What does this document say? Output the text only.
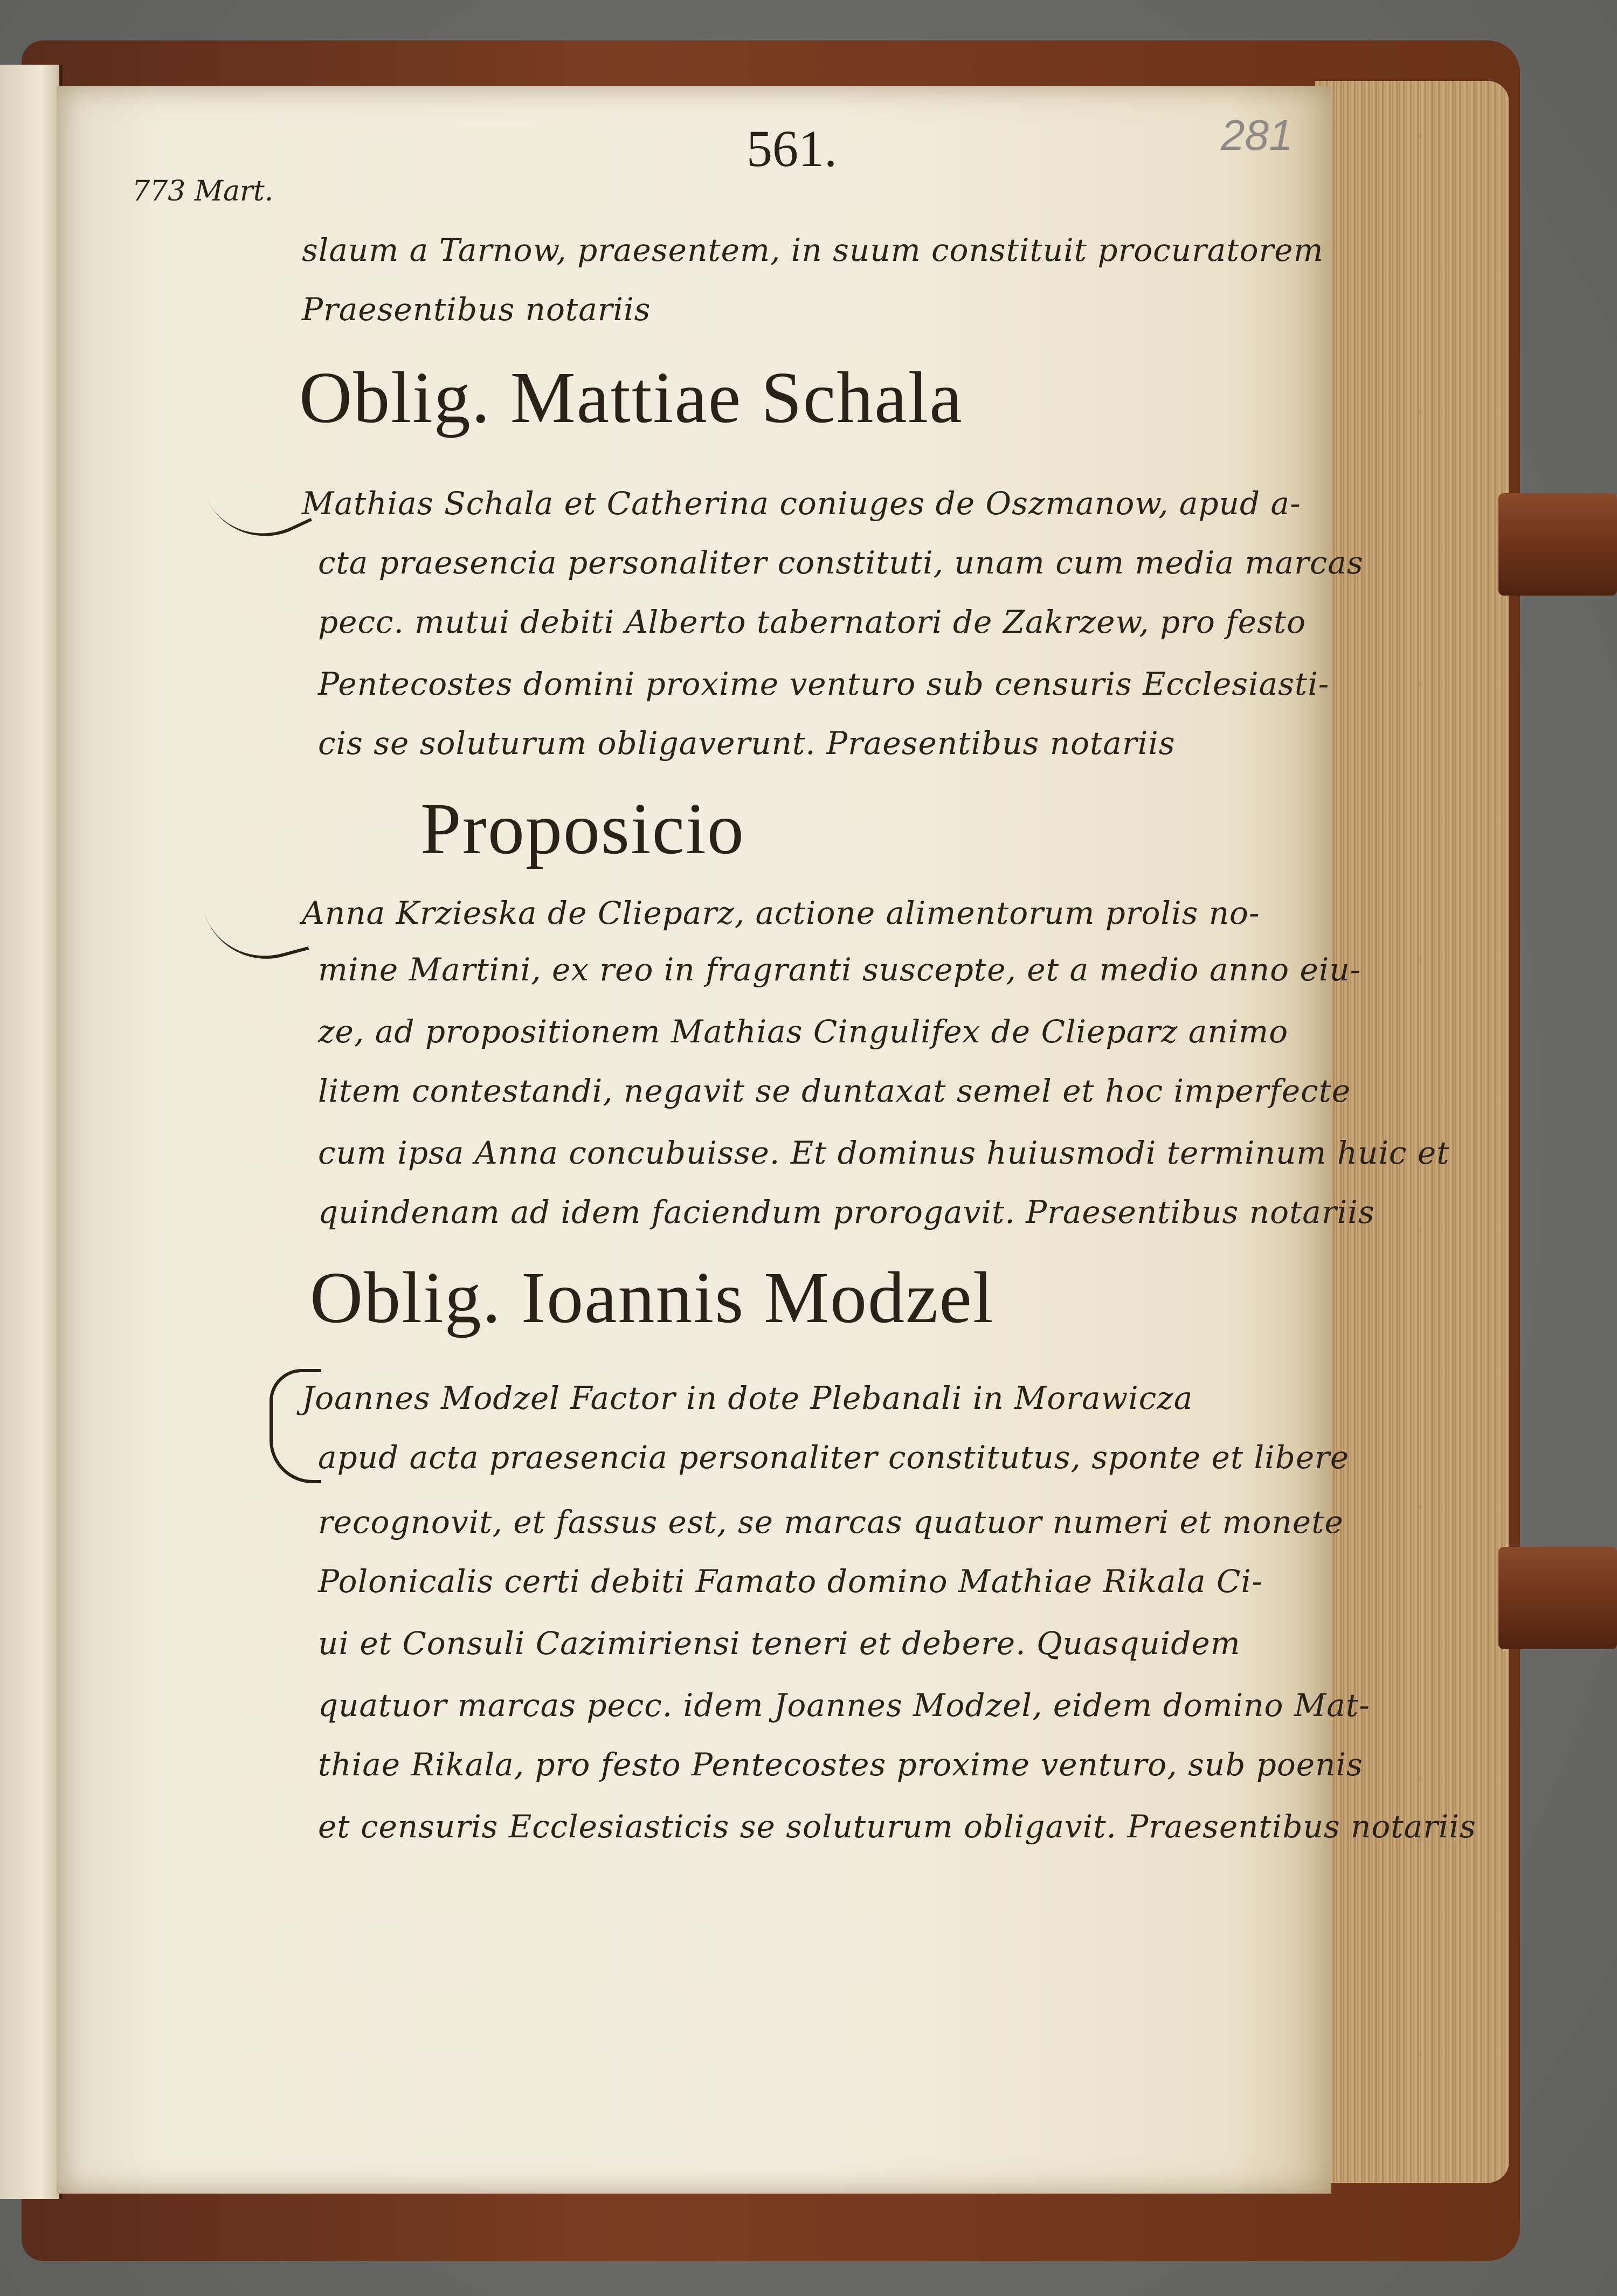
561.	281
773 Mart.
slaum a Tarnow, praesentem, in suum constituit procuratorem
Praesentibus notariis
Oblig. Mattiae Schala
Mathias Schala et Catherina coniuges de Oszmanow, apud a-
cta praesencia personaliter constituti, unam cum media marcas
pecc. mutui debiti Alberto tabernatori de Zakrzew, pro festo
Pentecostes domini proxime venturo sub censuris Ecclesiasti-
cis se soluturum obligaverunt. Praesentibus notariis
Proposicio
Anna Krzieska de Clieparz, actione alimentorum prolis no-
mine Martini, ex reo in fragranti suscepte, et a medio anno eiu-
ze, ad propositionem Mathias Cingulifex de Clieparz animo
litem contestandi, negavit se duntaxat semel et hoc imperfecte
cum ipsa Anna concubuisse. Et dominus huiusmodi terminum huic et
quindenam ad idem faciendum prorogavit. Praesentibus notariis
Oblig. Ioannis Modzel
Joannes Modzel Factor in dote Plebanali in Morawicza
apud acta praesencia personaliter constitutus, sponte et libere
recognovit, et fassus est, se marcas quatuor numeri et monete
Polonicalis certi debiti Famato domino Mathiae Rikala Ci-
ui et Consuli Cazimiriensi teneri et debere. Quasquidem
quatuor marcas pecc. idem Joannes Modzel, eidem domino Mat-
thiae Rikala, pro festo Pentecostes proxime venturo, sub poenis
et censuris Ecclesiasticis se soluturum obligavit. Praesentibus notariis
